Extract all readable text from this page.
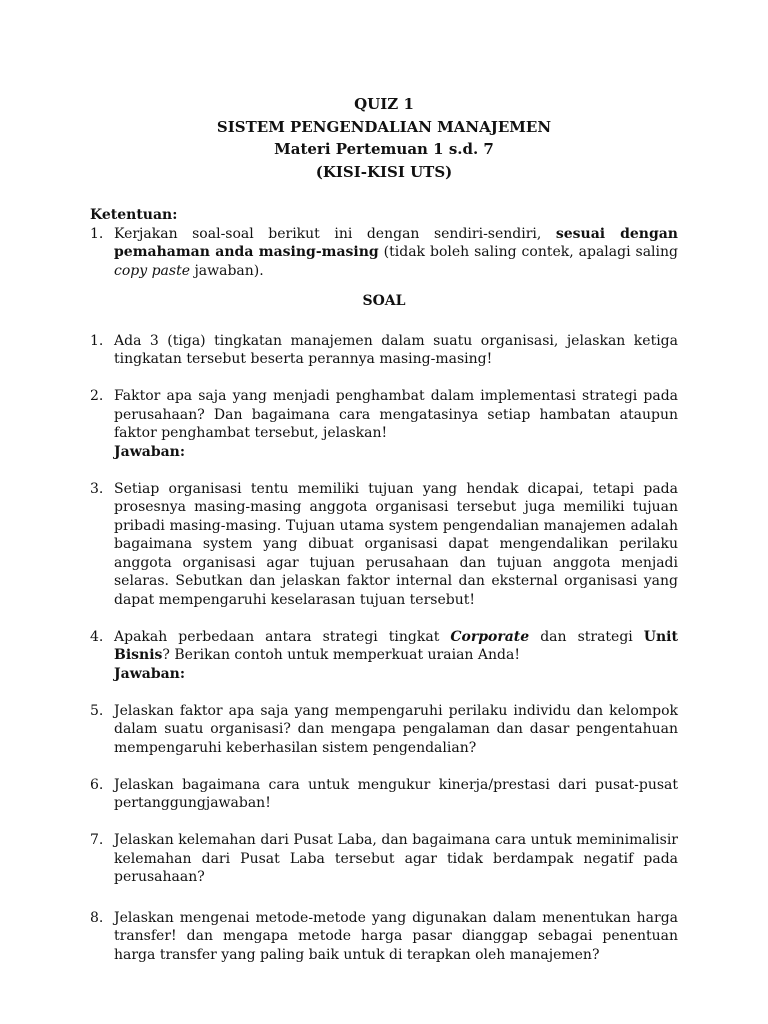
QUIZ 1
SISTEM PENGENDALIAN MANAJEMEN
Materi Pertemuan 1 s.d. 7
(KISI-KISI UTS)
Ketentuan:
1. Kerjakan soal-soal berikut ini dengan sendiri-sendiri, sesuai dengan pemahaman anda masing-masing (tidak boleh saling contek, apalagi saling copy paste jawaban).
SOAL
1. Ada 3 (tiga) tingkatan manajemen dalam suatu organisasi, jelaskan ketiga tingkatan tersebut beserta perannya masing-masing!
2. Faktor apa saja yang menjadi penghambat dalam implementasi strategi pada perusahaan? Dan bagaimana cara mengatasinya setiap hambatan ataupun faktor penghambat tersebut, jelaskan!
Jawaban:
3. Setiap organisasi tentu memiliki tujuan yang hendak dicapai, tetapi pada prosesnya masing-masing anggota organisasi tersebut juga memiliki tujuan pribadi masing-masing. Tujuan utama system pengendalian manajemen adalah bagaimana system yang dibuat organisasi dapat mengendalikan perilaku anggota organisasi agar tujuan perusahaan dan tujuan anggota menjadi selaras. Sebutkan dan jelaskan faktor internal dan eksternal organisasi yang dapat mempengaruhi keselarasan tujuan tersebut!
4. Apakah perbedaan antara strategi tingkat Corporate dan strategi Unit Bisnis? Berikan contoh untuk memperkuat uraian Anda!
Jawaban:
5. Jelaskan faktor apa saja yang mempengaruhi perilaku individu dan kelompok dalam suatu organisasi? dan mengapa pengalaman dan dasar pengentahuan mempengaruhi keberhasilan sistem pengendalian?
6. Jelaskan bagaimana cara untuk mengukur kinerja/prestasi dari pusat-pusat pertanggungjawaban!
7. Jelaskan kelemahan dari Pusat Laba, dan bagaimana cara untuk meminimalisir kelemahan dari Pusat Laba tersebut agar tidak berdampak negatif pada perusahaan?
8. Jelaskan mengenai metode-metode yang digunakan dalam menentukan harga transfer! dan mengapa metode harga pasar dianggap sebagai penentuan harga transfer yang paling baik untuk di terapkan oleh manajemen?
